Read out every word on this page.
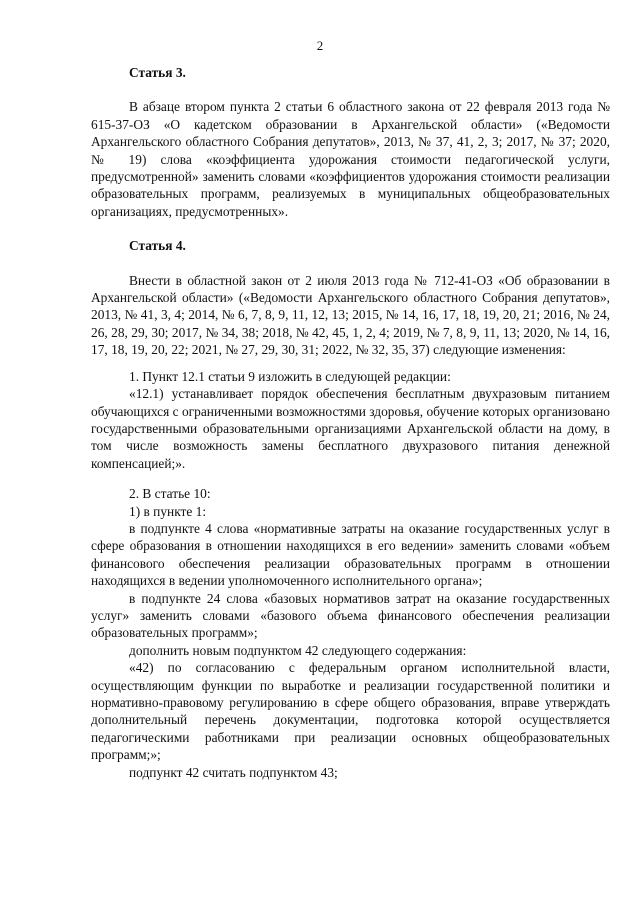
2

Статья 3.

В абзаце втором пункта 2 статьи 6 областного закона от 22 февраля 2013 года № 615-37-ОЗ «О кадетском образовании в Архангельской области» («Ведомости Архангельского областного Собрания депутатов», 2013, № 37, 41, 2, 3; 2017, № 37; 2020, № 19) слова «коэффициента удорожания стоимости педагогической услуги, предусмотренной» заменить словами «коэффициентов удорожания стоимости реализации образовательных программ, реализуемых в муниципальных общеобразовательных организациях, предусмотренных».

Статья 4.

Внести в областной закон от 2 июля 2013 года № 712-41-ОЗ «Об образовании в Архангельской области» («Ведомости Архангельского областного Собрания депутатов», 2013, № 41, 3, 4; 2014, № 6, 7, 8, 9, 11, 12, 13; 2015, № 14, 16, 17, 18, 19, 20, 21; 2016, № 24, 26, 28, 29, 30; 2017, № 34, 38; 2018, № 42, 45, 1, 2, 4; 2019, № 7, 8, 9, 11, 13; 2020, № 14, 16, 17, 18, 19, 20, 22; 2021, № 27, 29, 30, 31; 2022, № 32, 35, 37) следующие изменения:

1. Пункт 12.1 статьи 9 изложить в следующей редакции:

«12.1) устанавливает порядок обеспечения бесплатным двухразовым питанием обучающихся с ограниченными возможностями здоровья, обучение которых организовано государственными образовательными организациями Архангельской области на дому, в том числе возможность замены бесплатного двухразового питания денежной компенсацией;».

2. В статье 10:

1) в пункте 1:

в подпункте 4 слова «нормативные затраты на оказание государственных услуг в сфере образования в отношении находящихся в его ведении» заменить словами «объем финансового обеспечения реализации образовательных программ в отношении находящихся в ведении уполномоченного исполнительного органа»;

в подпункте 24 слова «базовых нормативов затрат на оказание государственных услуг» заменить словами «базового объема финансового обеспечения реализации образовательных программ»;

дополнить новым подпунктом 42 следующего содержания:

«42) по согласованию с федеральным органом исполнительной власти, осуществляющим функции по выработке и реализации государственной политики и нормативно-правовому регулированию в сфере общего образования, вправе утверждать дополнительный перечень документации, подготовка которой осуществляется педагогическими работниками при реализации основных общеобразовательных программ;»;

подпункт 42 считать подпунктом 43;
